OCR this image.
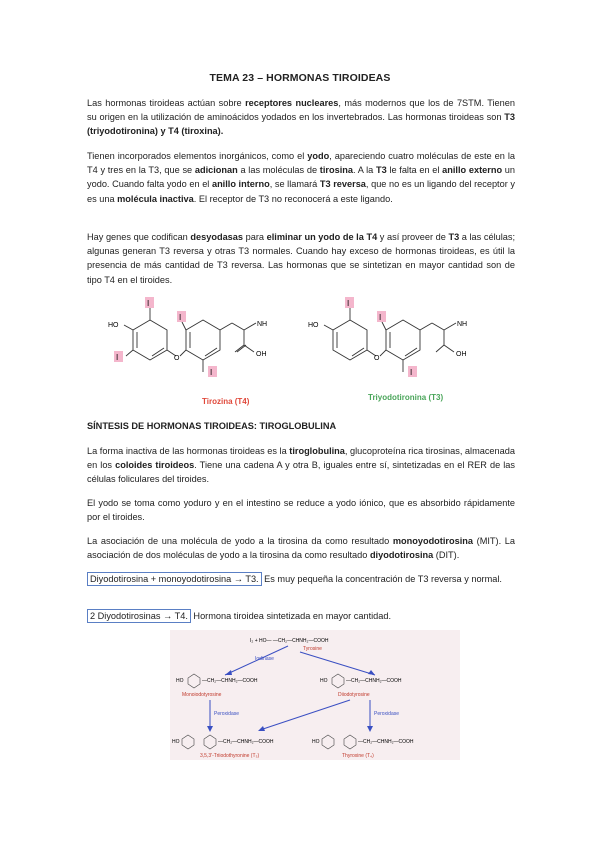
TEMA 23 – HORMONAS TIROIDEAS

Las hormonas tiroideas actúan sobre receptores nucleares, más modernos que los de 7STM. Tienen su origen en la utilización de aminoácidos yodados en los invertebrados. Las hormonas tiroideas son T3 (triyodotironina) y T4 (tiroxina).

Tienen incorporados elementos inorgánicos, como el yodo, apareciendo cuatro moléculas de este en la T4 y tres en la T3, que se adicionan a las moléculas de tirosina. A la T3 le falta en el anillo externo un yodo. Cuando falta yodo en el anillo interno, se llamará T3 reversa, que no es un ligando del receptor y es una molécula inactiva. El receptor de T3 no reconocerá a este ligando.

Hay genes que codifican desyodasas para eliminar un yodo de la T4 y así proveer de T3 a las células; algunas generan T3 reversa y otras T3 normales. Cuando hay exceso de hormonas tiroideas, es útil la presencia de más cantidad de T3 reversa. Las hormonas que se sintetizan en mayor cantidad son de tipo T4 en el tiroides.

I
I
I
I
HO
O
NH
OH
Tirozina (T4)
I
I
I
HO
O
NH
OH
Triyodotironina (T3)
SÍNTESIS DE HORMONAS TIROIDEAS: TIROGLOBULINA

La forma inactiva de las hormonas tiroideas es la tiroglobulina, glucoproteína rica tirosinas, almacenada en los coloides tiroideos. Tiene una cadena A y otra B, iguales entre sí, sintetizadas en el RER de las células foliculares del tiroides.

El yodo se toma como yoduro y en el intestino se reduce a yodo iónico, que es absorbido rápidamente por el tiroides.

La asociación de una molécula de yodo a la tirosina da como resultado monoyodotirosina (MIT). La asociación de dos moléculas de yodo a la tirosina da como resultado diyodotirosina (DIT).

Diyodotirosina + monoyodotirosina → T3. Es muy pequeña la concentración de T3 reversa y normal.

2 Diyodotirosinas → T4. Hormona tiroidea sintetizada en mayor cantidad.

I₂ + HO— —CH₂—CHNH₂—COOH
Tyrosine
Iodinase
HO	—CH₂—CHNH₂—COOH
Monoiodotyrosine
HO	—CH₂—CHNH₂—COOH
Diiodotyrosine
Peroxidase	Peroxidase
HO	—CH₂—CHNH₂—COOH
3,5,3'-Triiodothyronine (T₃)
HO	—CH₂—CHNH₂—COOH
Thyroxine (T₄)
